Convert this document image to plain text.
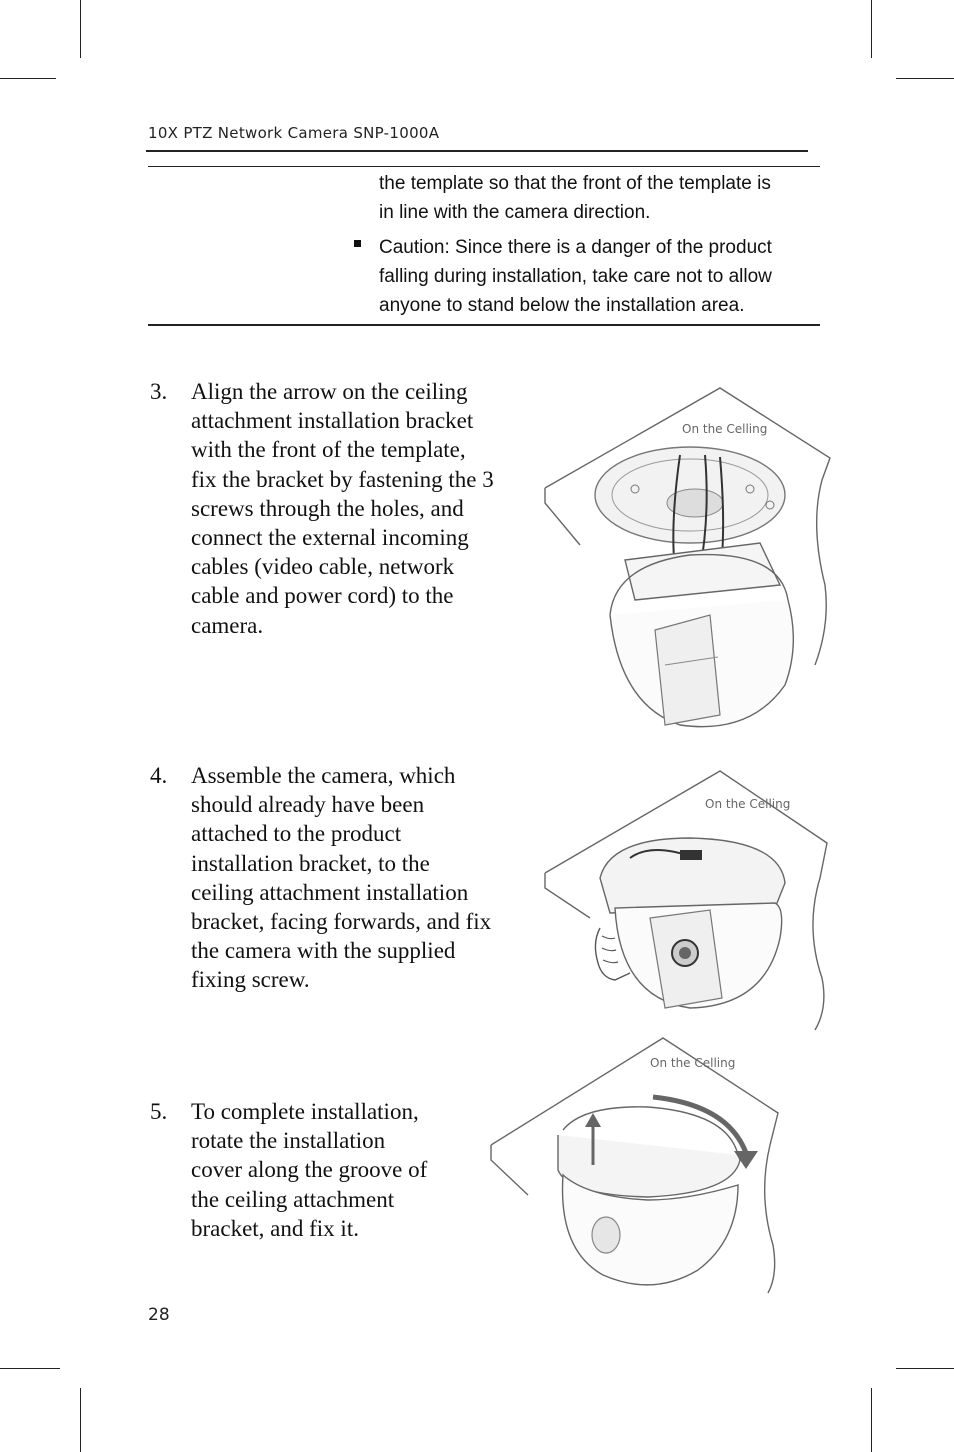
10X PTZ Network Camera SNP-1000A
the template so that the front of the template is
in line with the camera direction.
Caution: Since there is a danger of the product
falling during installation, take care not to allow
anyone to stand below the installation area.
3. Align the arrow on the ceiling
attachment installation bracket
with the front of the template,
fix the bracket by fastening the 3
screws through the holes, and
connect the external incoming
cables (video cable, network
cable and power cord) to the
camera.
On the Celling
4. Assemble the camera, which
should already have been
attached to the product
installation bracket, to the
ceiling attachment installation
bracket, facing forwards, and fix
the camera with the supplied
fixing screw.
On the Celling
5. To complete installation,
rotate the installation
cover along the groove of
the ceiling attachment
bracket, and fix it.
On the Celling
28
